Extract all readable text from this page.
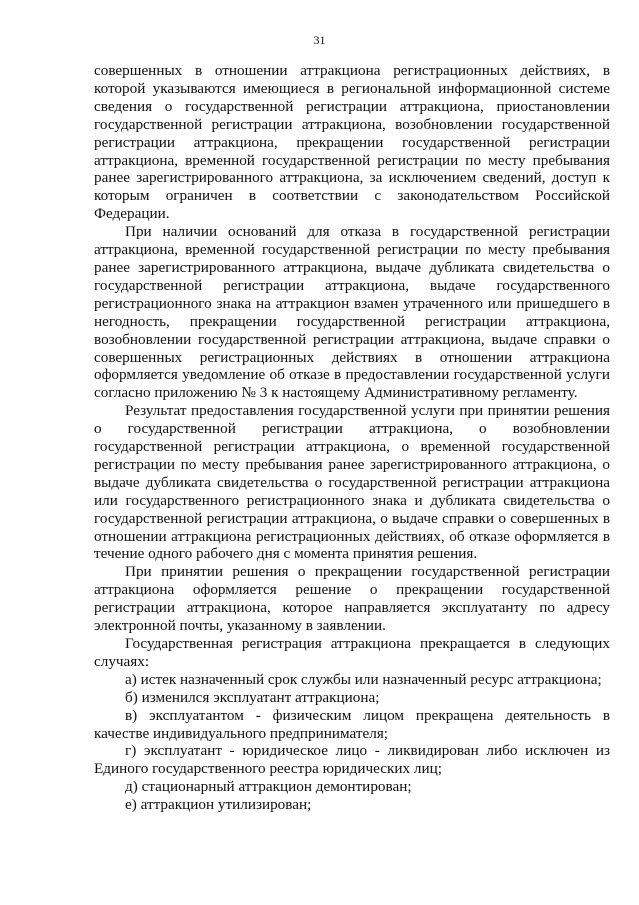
31

совершенных в отношении аттракциона регистрационных действиях, в которой указываются имеющиеся в региональной информационной системе сведения о государственной регистрации аттракциона, приостановлении государственной регистрации аттракциона, возобновлении государственной регистрации аттракциона, прекращении государственной регистрации аттракциона, временной государственной регистрации по месту пребывания ранее зарегистрированного аттракциона, за исключением сведений, доступ к которым ограничен в соответствии с законодательством Российской Федерации.

При наличии оснований для отказа в государственной регистрации аттракциона, временной государственной регистрации по месту пребывания ранее зарегистрированного аттракциона, выдаче дубликата свидетельства о государственной регистрации аттракциона, выдаче государственного регистрационного знака на аттракцион взамен утраченного или пришедшего в негодность, прекращении государственной регистрации аттракциона, возобновлении государственной регистрации аттракциона, выдаче справки о совершенных регистрационных действиях в отношении аттракциона оформляется уведомление об отказе в предоставлении государственной услуги согласно приложению № 3 к настоящему Административному регламенту.

Результат предоставления государственной услуги при принятии решения о государственной регистрации аттракциона, о возобновлении государственной регистрации аттракциона, о временной государственной регистрации по месту пребывания ранее зарегистрированного аттракциона, о выдаче дубликата свидетельства о государственной регистрации аттракциона или государственного регистрационного знака и дубликата свидетельства о государственной регистрации аттракциона, о выдаче справки о совершенных в отношении аттракциона регистрационных действиях, об отказе оформляется в течение одного рабочего дня с момента принятия решения.

При принятии решения о прекращении государственной регистрации аттракциона оформляется решение о прекращении государственной регистрации аттракциона, которое направляется эксплуатанту по адресу электронной почты, указанному в заявлении.

Государственная регистрация аттракциона прекращается в следующих случаях:

а) истек назначенный срок службы или назначенный ресурс аттракциона;

б) изменился эксплуатант аттракциона;

в) эксплуатантом - физическим лицом прекращена деятельность в качестве индивидуального предпринимателя;

г) эксплуатант - юридическое лицо - ликвидирован либо исключен из Единого государственного реестра юридических лиц;

д) стационарный аттракцион демонтирован;

е) аттракцион утилизирован;
